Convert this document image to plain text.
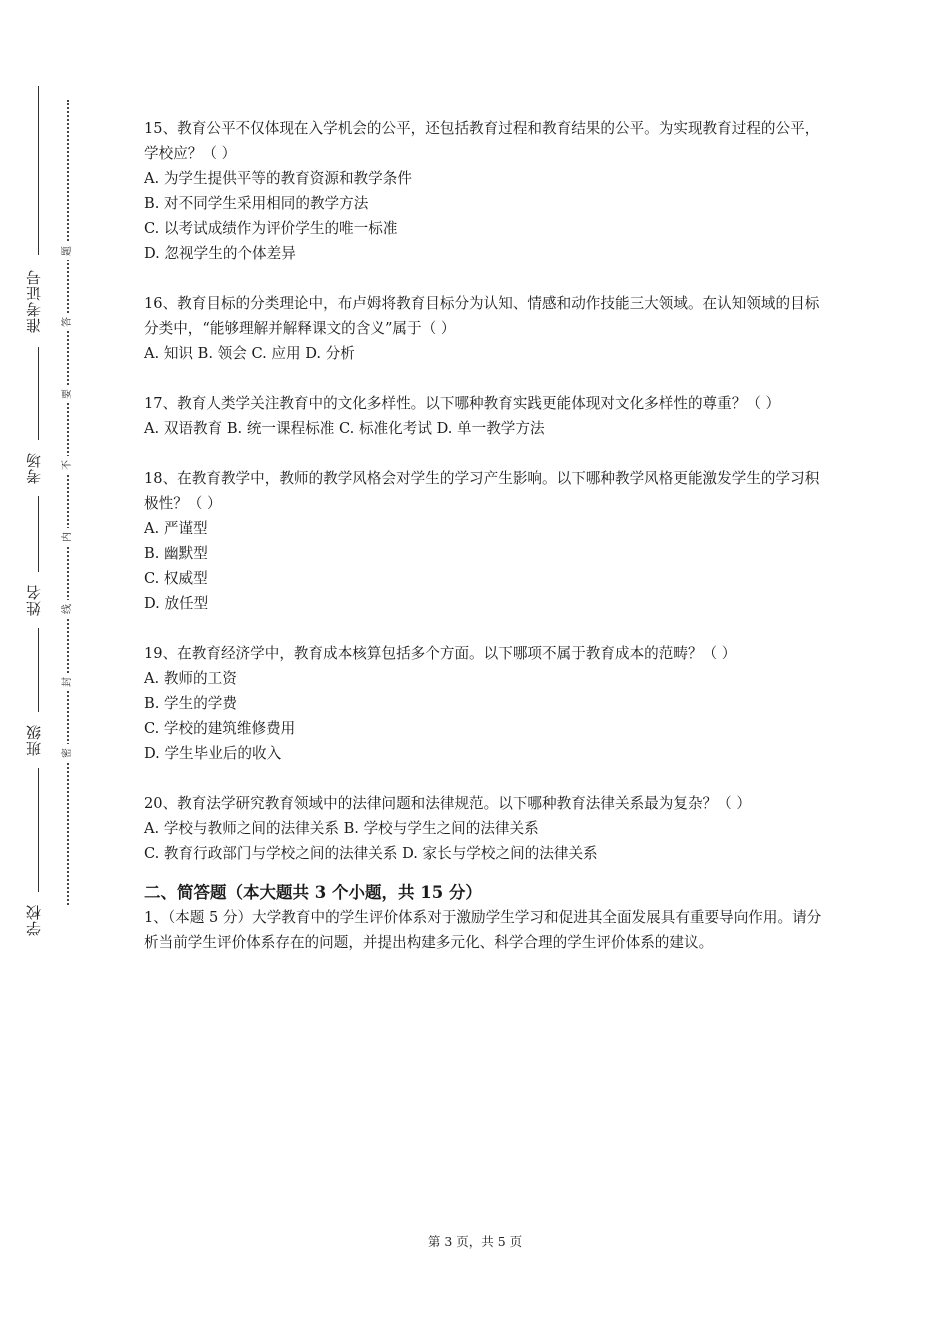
准考证号
考场
姓名
班级
学校
题
答
要
不
内
线
封
密
15、教育公平不仅体现在入学机会的公平，还包括教育过程和教育结果的公平。为实现教育过程的公平，学校应？（ ）
A. 为学生提供平等的教育资源和教学条件
B. 对不同学生采用相同的教学方法
C. 以考试成绩作为评价学生的唯一标准
D. 忽视学生的个体差异
16、教育目标的分类理论中，布卢姆将教育目标分为认知、情感和动作技能三大领域。在认知领域的目标分类中，“能够理解并解释课文的含义”属于（ ）
A. 知识 B. 领会 C. 应用 D. 分析
17、教育人类学关注教育中的文化多样性。以下哪种教育实践更能体现对文化多样性的尊重？（ ）
A. 双语教育 B. 统一课程标准 C. 标准化考试 D. 单一教学方法
18、在教育教学中，教师的教学风格会对学生的学习产生影响。以下哪种教学风格更能激发学生的学习积极性？（ ）
A. 严谨型
B. 幽默型
C. 权威型
D. 放任型
19、在教育经济学中，教育成本核算包括多个方面。以下哪项不属于教育成本的范畴？（ ）
A. 教师的工资
B. 学生的学费
C. 学校的建筑维修费用
D. 学生毕业后的收入
20、教育法学研究教育领域中的法律问题和法律规范。以下哪种教育法律关系最为复杂？（ ）
A. 学校与教师之间的法律关系 B. 学校与学生之间的法律关系
C. 教育行政部门与学校之间的法律关系 D. 家长与学校之间的法律关系
二、简答题（本大题共 3 个小题，共 15 分）
1、（本题 5 分）大学教育中的学生评价体系对于激励学生学习和促进其全面发展具有重要导向作用。请分析当前学生评价体系存在的问题，并提出构建多元化、科学合理的学生评价体系的建议。
第 3 页，共 5 页
